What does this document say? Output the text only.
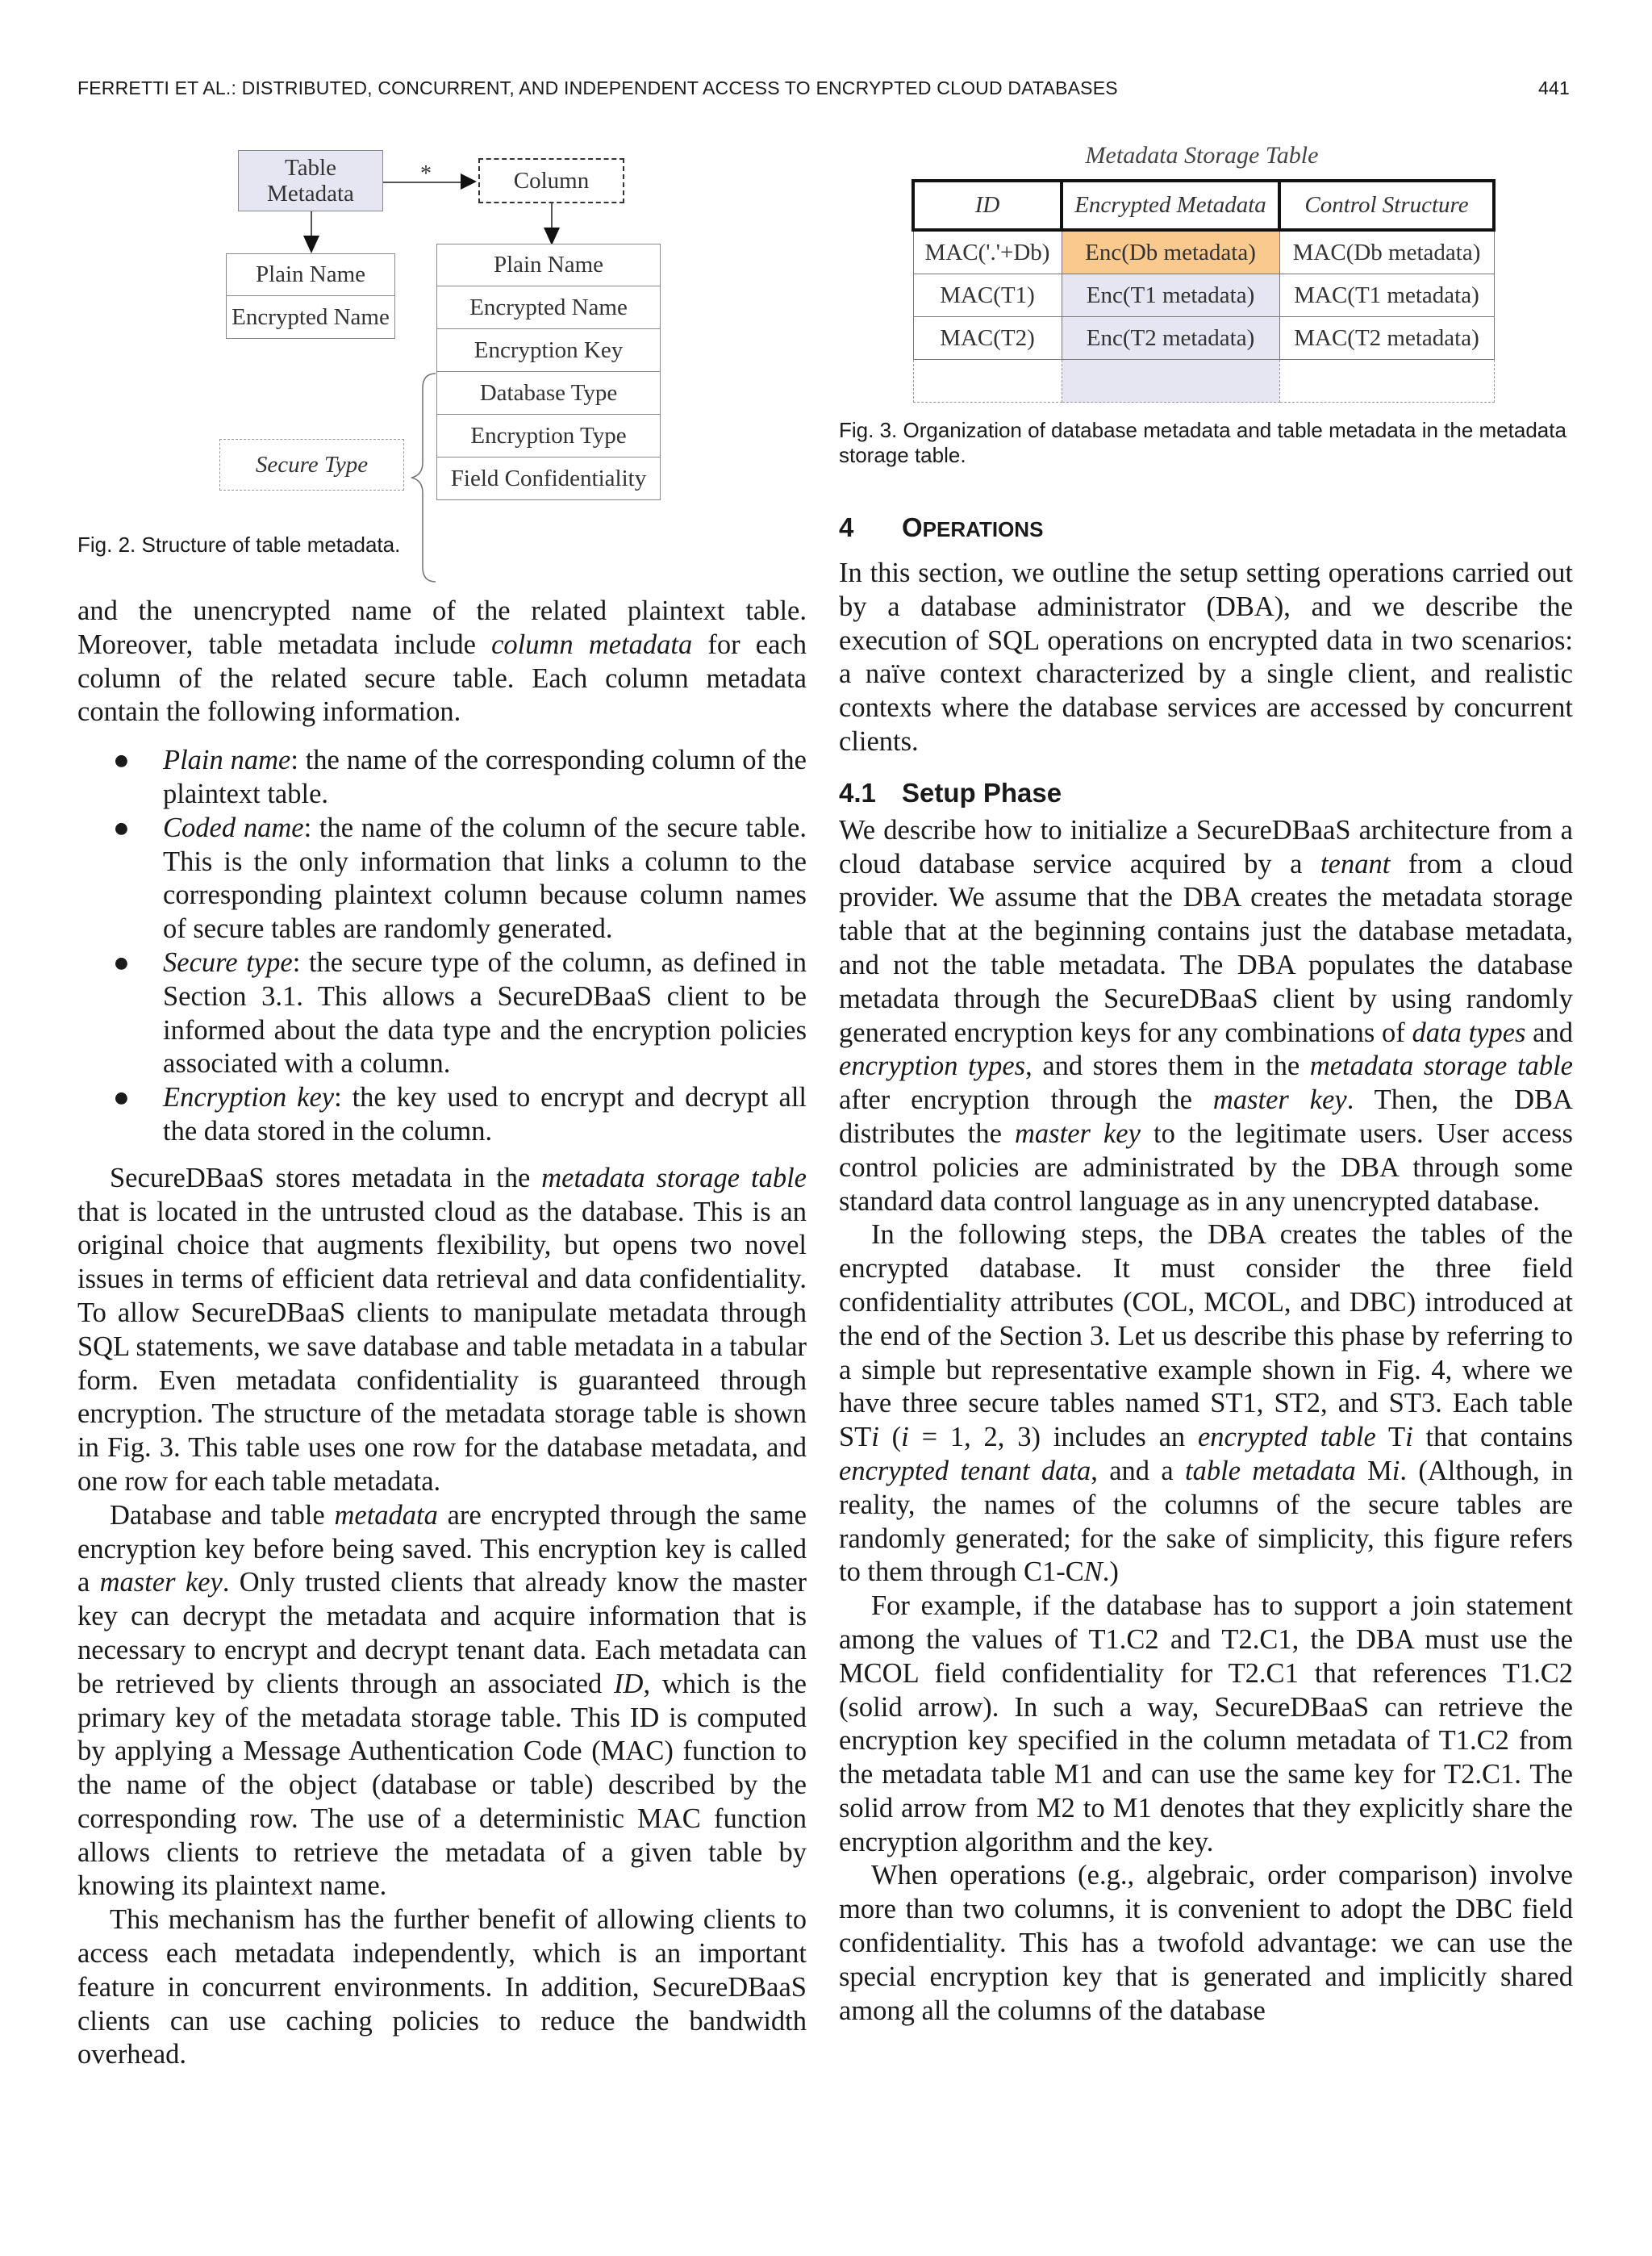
FERRETTI ET AL.: DISTRIBUTED, CONCURRENT, AND INDEPENDENT ACCESS TO ENCRYPTED CLOUD DATABASES	441
Table
Metadata
*	Column
Plain Name
Encrypted Name
Plain Name
Encrypted Name
Encryption Key
Database Type
Encryption Type
Field Confidentiality
Secure Type
Fig. 2. Structure of table metadata.
Metadata Storage Table
ID	Encrypted Metadata	Control Structure
MAC('.'+Db)	Enc(Db metadata)	MAC(Db metadata)
MAC(T1)	Enc(T1 metadata)	MAC(T1 metadata)
MAC(T2)	Enc(T2 metadata)	MAC(T2 metadata)

Fig. 3. Organization of database metadata and table metadata in the metadata storage table.

and the unencrypted name of the related plaintext table. Moreover, table metadata include column metadata for each column of the related secure table. Each column metadata contain the following information.

● Plain name: the name of the corresponding column of the plaintext table.
● Coded name: the name of the column of the secure table. This is the only information that links a column to the corresponding plaintext column because column names of secure tables are randomly generated.
● Secure type: the secure type of the column, as defined in Section 3.1. This allows a SecureDBaaS client to be informed about the data type and the encryption policies associated with a column.
● Encryption key: the key used to encrypt and decrypt all the data stored in the column.

SecureDBaaS stores metadata in the metadata storage table that is located in the untrusted cloud as the database. This is an original choice that augments flexibility, but opens two novel issues in terms of efficient data retrieval and data confidentiality. To allow SecureDBaaS clients to manipulate metadata through SQL statements, we save database and table metadata in a tabular form. Even metadata confidentiality is guaranteed through encryption. The structure of the metadata storage table is shown in Fig. 3. This table uses one row for the database metadata, and one row for each table metadata.

Database and table metadata are encrypted through the same encryption key before being saved. This encryption key is called a master key. Only trusted clients that already know the master key can decrypt the metadata and acquire information that is necessary to encrypt and decrypt tenant data. Each metadata can be retrieved by clients through an associated ID, which is the primary key of the metadata storage table. This ID is computed by applying a Message Authentication Code (MAC) function to the name of the object (database or table) described by the corresponding row. The use of a deterministic MAC function allows clients to retrieve the metadata of a given table by knowing its plaintext name.

This mechanism has the further benefit of allowing clients to access each metadata independently, which is an important feature in concurrent environments. In addition, SecureDBaaS clients can use caching policies to reduce the bandwidth overhead.

4 OPERATIONS

In this section, we outline the setup setting operations carried out by a database administrator (DBA), and we describe the execution of SQL operations on encrypted data in two scenarios: a naïve context characterized by a single client, and realistic contexts where the database services are accessed by concurrent clients.

4.1 Setup Phase

We describe how to initialize a SecureDBaaS architecture from a cloud database service acquired by a tenant from a cloud provider. We assume that the DBA creates the metadata storage table that at the beginning contains just the database metadata, and not the table metadata. The DBA populates the database metadata through the SecureDBaaS client by using randomly generated encryption keys for any combinations of data types and encryption types, and stores them in the metadata storage table after encryption through the master key. Then, the DBA distributes the master key to the legitimate users. User access control policies are administrated by the DBA through some standard data control language as in any unencrypted database.

In the following steps, the DBA creates the tables of the encrypted database. It must consider the three field confidentiality attributes (COL, MCOL, and DBC) introduced at the end of the Section 3. Let us describe this phase by referring to a simple but representative example shown in Fig. 4, where we have three secure tables named ST1, ST2, and ST3. Each table STi (i = 1, 2, 3) includes an encrypted table Ti that contains encrypted tenant data, and a table metadata Mi. (Although, in reality, the names of the columns of the secure tables are randomly generated; for the sake of simplicity, this figure refers to them through C1-CN.)

For example, if the database has to support a join statement among the values of T1.C2 and T2.C1, the DBA must use the MCOL field confidentiality for T2.C1 that references T1.C2 (solid arrow). In such a way, SecureDBaaS can retrieve the encryption key specified in the column metadata of T1.C2 from the metadata table M1 and can use the same key for T2.C1. The solid arrow from M2 to M1 denotes that they explicitly share the encryption algorithm and the key.

When operations (e.g., algebraic, order comparison) involve more than two columns, it is convenient to adopt the DBC field confidentiality. This has a twofold advantage: we can use the special encryption key that is generated and implicitly shared among all the columns of the database
